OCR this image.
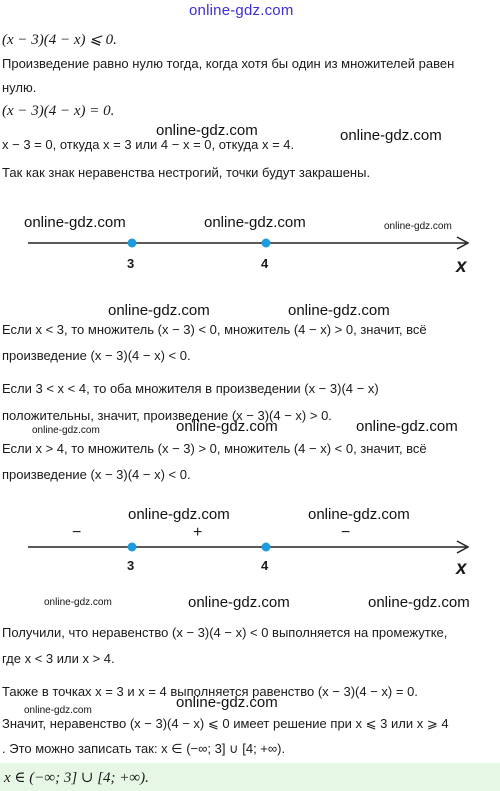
online-gdz.com
(x − 3)(4 − x) ⩽ 0.
Произведение равно нулю тогда, когда хотя бы один из множителей равен
нулю.
(x − 3)(4 − x) = 0.
x − 3 = 0, откуда x = 3 или 4 − x = 0, откуда x = 4.
Так как знак неравенства нестрогий, точки будут закрашены.
online-gdz.com	online-gdz.com
online-gdz.com	online-gdz.com	online-gdz.com
3	4	x
online-gdz.com	online-gdz.com
Если x < 3, то множитель (x − 3) < 0, множитель (4 − x) > 0, значит, всё
произведение (x − 3)(4 − x) < 0.
Если 3 < x < 4, то оба множителя в произведении (x − 3)(4 − x)
положительны, значит, произведение (x − 3)(4 − x) > 0.
online-gdz.com	online-gdz.com	online-gdz.com
Если x > 4, то множитель (x − 3) > 0, множитель (4 − x) < 0, значит, всё
произведение (x − 3)(4 − x) < 0.
online-gdz.com	online-gdz.com
−	+	−
3	4	x
online-gdz.com	online-gdz.com	online-gdz.com
Получили, что неравенство (x − 3)(4 − x) < 0 выполняется на промежутке,
где x < 3 или x > 4.
Также в точках x = 3 и x = 4 выполняется равенство (x − 3)(4 − x) = 0.
online-gdz.com
Значит, неравенство (x − 3)(4 − x) ⩽ 0 имеет решение при x ⩽ 3 или x ⩾ 4
online-gdz.com
. Это можно записать так: x ∈ (−∞; 3] ∪ [4; +∞).
x ∈ (−∞; 3] ∪ [4; +∞).
